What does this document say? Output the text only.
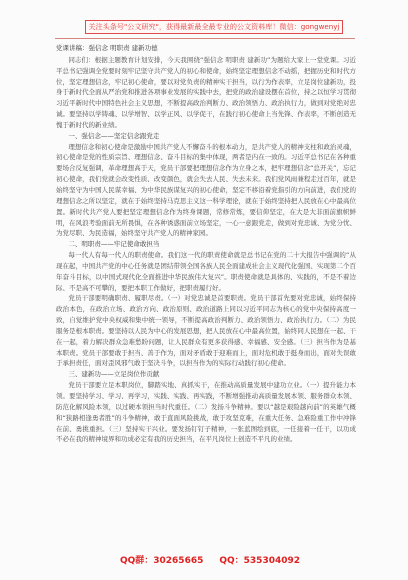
关注头条号"公文研究"，获得最新最全最专业的公文资料库！微信：gongwenyj

党课讲稿：强信念 明职责 建新功德

同志们：根据主题教育计划安排，今天我围绕“强信念 明职责 建新功”为题给大家上一堂党课。习近平总书记强调全党要时刻牢记坚守共产党人的初心和使命，始终坚定理想信念不动摇，把握历史和时代方位，坚定理想信念，牢记初心使命，要以对党负责的精神实干担当，以行为作表率，立足岗位建新功，投身于新时代全面从严治党和推进各项事业发展的实践中去，把党的政治建设摆在首位，持之以恒学习贯彻习近平新时代中国特色社会主义思想，不断提高政治判断力、政治领悟力、政治执行力，做到对党绝对忠诚。要坚持以学铸魂、以学增智、以学正风、以学促干，在践行初心使命上当先锋、作表率，不断创造无愧于新时代的新业绩。

一、强信念——坚定信念跟党走

理想信念和初心使命是激励中国共产党人不懈奋斗的根本动力，是共产党人的精神支柱和政治灵魂，初心使命是党的性质宗旨、理想信念、奋斗目标的集中体现，两者是内在一致的。习近平总书记在各种重要场合反复强调，革命理想高于天，党员干部要把理想信念作为立身之本，把牢理想信念“总开关”，忘记初心使命，我们党就会改变性质、改变颜色，就会失去人民、失去未来。我们党风雨兼程走过百年，就是始终坚守为中国人民谋幸福、为中华民族谋复兴的初心使命，坚定不移沿着党指引的方向前进，我们党的理想信念之所以坚定，就在于始终坚持马克思主义这一科学理论，就在于始终坚持把人民放在心中最高位置。新时代共产党人要把坚定理想信念作为终身课题，常修常炼，要信仰坚定，在大是大非面前旗帜鲜明，在风浪考验面前无所畏惧，在各种诱惑面前立场坚定，一心一意跟党走，做到对党忠诚、为党分忧、为党尽职、为民造福，始终坚守共产党人的精神家园。

二、明职责——牢记使命敢担当

每一代人有每一代人的职责使命。我们这一代的职责使命就是总书记在党的二十大报告中强调的“从现在起，中国共产党的中心任务就是团结带领全国各族人民全面建成社会主义现代化强国、实现第二个百年奋斗目标，以中国式现代化全面推进中华民族伟大复兴”。职责使命就是具体的、实践的，不是不着边际、不是高不可攀的，要把本职工作做好，把职责履行好。

党员干部要明确职责、履职尽责。（一）对党忠诚是首要职责。党员干部首先要对党忠诚，始终保持政治本色，在政治立场、政治方向、政治原则、政治道路上同以习近平同志为核心的党中央保持高度一致，自觉维护党中央权威和集中统一领导，不断提高政治判断力、政治领悟力、政治执行力。（二）为民服务是根本职责。要坚持以人民为中心的发展思想，把人民放在心中最高位置，始终同人民想在一起、干在一起，着力解决群众急难愁盼问题，让人民群众有更多获得感、幸福感、安全感。（三）担当作为是基本职责。党员干部要敢于担当、善于作为，面对矛盾敢于迎难而上，面对危机敢于挺身而出，面对失误敢于承担责任，面对歪风邪气敢于坚决斗争，以担当作为的实际行动践行初心使命。

三、建新功——立足岗位作贡献

党员干部要立足本职岗位，脚踏实地、真抓实干，在推动高质量发展中建功立业。（一）提升能力本领。要坚持学习、学习、再学习，实践、实践、再实践，不断增强推动高质量发展本领、服务群众本领、防范化解风险本领，以过硬本领担当时代重任。（二）发扬斗争精神。要以“越是艰险越向前”的英雄气概和“狭路相逢勇者胜”的斗争精神，敢于直面风险挑战，敢于攻坚克难，在重大任务、急难险重工作中冲锋在前、勇挑重担。（三）坚持实干兴业。要发扬钉钉子精神，一张蓝图绘到底，一任接着一任干，以功成不必在我的精神境界和功成必定有我的历史担当，在平凡岗位上创造不平凡的业绩。

QQ群：30265665 QQ：535304092
